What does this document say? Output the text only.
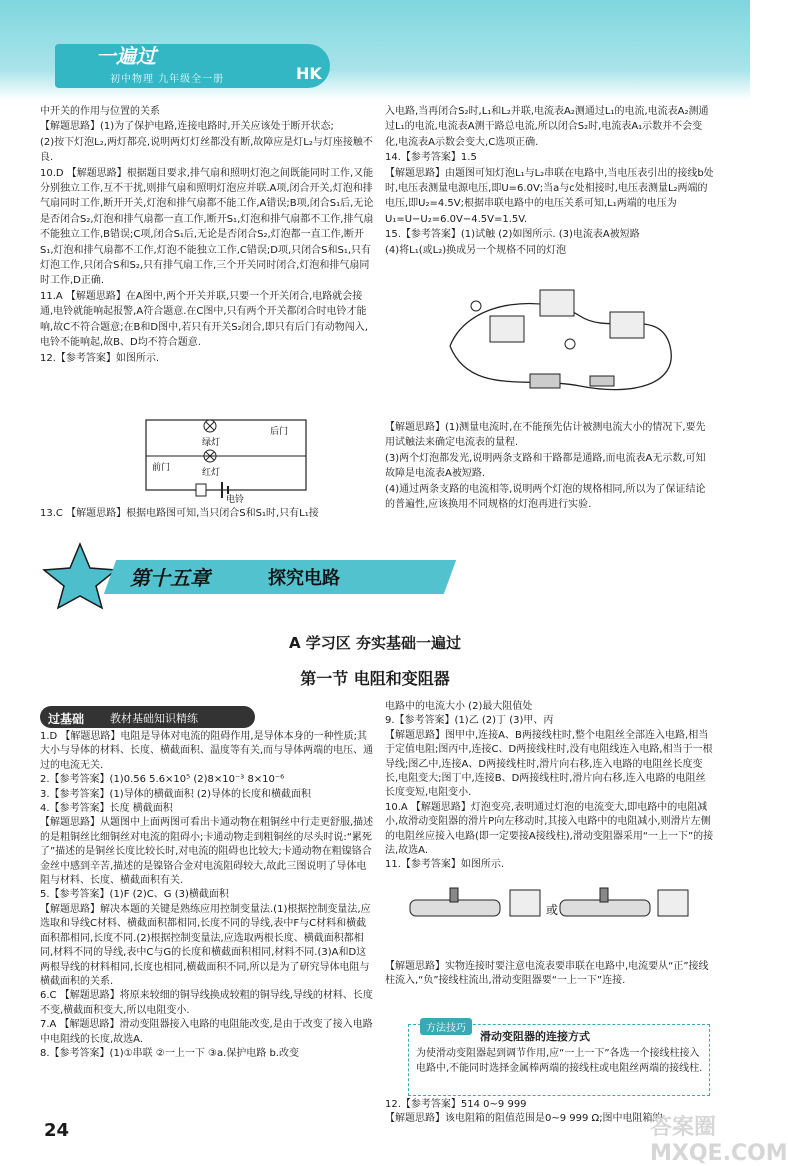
一遍过
初中物理 九年级全一册	HK

中开关的作用与位置的关系

【解题思路】(1)为了保护电路,连接电路时,开关应该处于断开状态;

(2)按下灯泡L₂,两灯都亮,说明两灯灯丝都没有断,故障应是灯L₂与灯座接触不良.

10.D 【解题思路】根据题目要求,排气扇和照明灯泡之间既能同时工作,又能分别独立工作,互不干扰,则排气扇和照明灯泡应并联.A项,闭合开关,灯泡和排气扇同时工作,断开开关,灯泡和排气扇都不能工作,A错误;B项,闭合S₁后,无论是否闭合S₂,灯泡和排气扇都一直工作,断开S₁,灯泡和排气扇都不工作,排气扇不能独立工作,B错误;C项,闭合S₁后,无论是否闭合S₂,灯泡都一直工作,断开S₁,灯泡和排气扇都不工作,灯泡不能独立工作,C错误;D项,只闭合S和S₁,只有灯泡工作,只闭合S和S₂,只有排气扇工作,三个开关同时闭合,灯泡和排气扇同时工作,D正确.

11.A 【解题思路】在A图中,两个开关并联,只要一个开关闭合,电路就会接通,电铃就能响起报警,A符合题意.在C图中,只有两个开关都闭合时电铃才能响,故C不符合题意;在B和D图中,若只有开关S₂闭合,即只有后门有动物闯入,电铃不能响起,故B、D均不符合题意.

12.【参考答案】如图所示.

绿灯
红灯
后门
前门
电铃

13.C 【解题思路】根据电路图可知,当只闭合S和S₁时,只有L₁接

入电路,当再闭合S₂时,L₁和L₂并联,电流表A₂测通过L₁的电流,电流表A₂测通过L₁的电流,电流表A测干路总电流,所以闭合S₂时,电流表A₁示数并不会变化,电流表A示数会变大,C选项正确.

14.【参考答案】1.5

【解题思路】由题图可知灯泡L₁与L₂串联在电路中,当电压表引出的接线b处时,电压表测量电源电压,即U=6.0V;当a与c处相接时,电压表测量L₂两端的电压,即U₂=4.5V;根据串联电路中的电压关系可知,L₁两端的电压为U₁=U−U₂=6.0V−4.5V=1.5V.

15.【参考答案】(1)试触 (2)如图所示. (3)电流表A被短路

(4)将L₁(或L₂)换成另一个规格不同的灯泡

【解题思路】(1)测量电流时,在不能预先估计被测电流大小的情况下,要先用试触法来确定电流表的量程.

(3)两个灯泡都发光,说明两条支路和干路都是通路,而电流表A无示数,可知故障是电流表A被短路.

(4)通过两条支路的电流相等,说明两个灯泡的规格相同,所以为了保证结论的普遍性,应该换用不同规格的灯泡再进行实验.

第十五章	探究电路
A 学习区 夯实基础一遍过
第一节 电阻和变阻器
过基础 教材基础知识精练

1.D 【解题思路】电阻是导体对电流的阻碍作用,是导体本身的一种性质;其大小与导体的材料、长度、横截面积、温度等有关,而与导体两端的电压、通过的电流无关.

2.【参考答案】(1)0.56 5.6×10⁵ (2)8×10⁻³ 8×10⁻⁶

3.【参考答案】(1)导体的横截面积 (2)导体的长度和横截面积

4.【参考答案】长度 横截面积

【解题思路】从题图中上面两图可看出卡通动物在粗铜丝中行走更舒服,描述的是粗铜丝比细铜丝对电流的阻碍小;卡通动物走到粗铜丝的尽头时说:“累死了”描述的是铜丝长度比较长时,对电流的阻碍也比较大;卡通动物在粗镍铬合金丝中感到辛苦,描述的是镍铬合金对电流阻碍较大,故此三图说明了导体电阻与材料、长度、横截面积有关.

5.【参考答案】(1)F (2)C、G (3)横截面积

【解题思路】解决本题的关键是熟练应用控制变量法.(1)根据控制变量法,应选取和导线C材料、横截面积都相同,长度不同的导线,表中F与C材料和横截面积都相同,长度不同.(2)根据控制变量法,应选取两根长度、横截面积都相同,材料不同的导线,表中C与G的长度和横截面积相同,材料不同.(3)A和D这两根导线的材料相同,长度也相同,横截面积不同,所以是为了研究导体电阻与横截面积的关系.

6.C 【解题思路】将原来较细的铜导线换成较粗的铜导线,导线的材料、长度不变,横截面积变大,所以电阻变小.

7.A 【解题思路】滑动变阻器接入电路的电阻能改变,是由于改变了接入电路中电阻线的长度,故选A.

8.【参考答案】(1)①串联 ②一上一下 ③a.保护电路 b.改变

电路中的电流大小 (2)最大阻值处

9.【参考答案】(1)乙 (2)丁 (3)甲、丙

【解题思路】图甲中,连接A、B两接线柱时,整个电阻丝全部连入电路,相当于定值电阻;图丙中,连接C、D两接线柱时,没有电阻线连入电路,相当于一根导线;图乙中,连接A、D两接线柱时,滑片向右移,连入电路的电阻丝长度变长,电阻变大;图丁中,连接B、D两接线柱时,滑片向右移,连入电路的电阻丝长度变短,电阻变小.

10.A 【解题思路】灯泡变亮,表明通过灯泡的电流变大,即电路中的电阻减小,故滑动变阻器的滑片P向左移动时,其接入电路中的电阻减小,则滑片左侧的电阻丝应接入电路(即一定要接A接线柱),滑动变阻器采用“一上一下”的接法,故选A.

11.【参考答案】如图所示.

或

【解题思路】实物连接时要注意电流表要串联在电路中,电流要从“正”接线柱流入,“负”接线柱流出,滑动变阻器要“一上一下”连接.

方法技巧
滑动变阻器的连接方式
为使滑动变阻器起到调节作用,应“一上一下”各选一个接线柱接入电路中,不能同时选择金属棒两端的接线柱或电阻丝两端的接线柱.

12.【参考答案】514 0~9 999

【解题思路】该电阻箱的阻值范围是0~9 999 Ω;图中电阻箱的

24	答案圈 MXQE.COM
